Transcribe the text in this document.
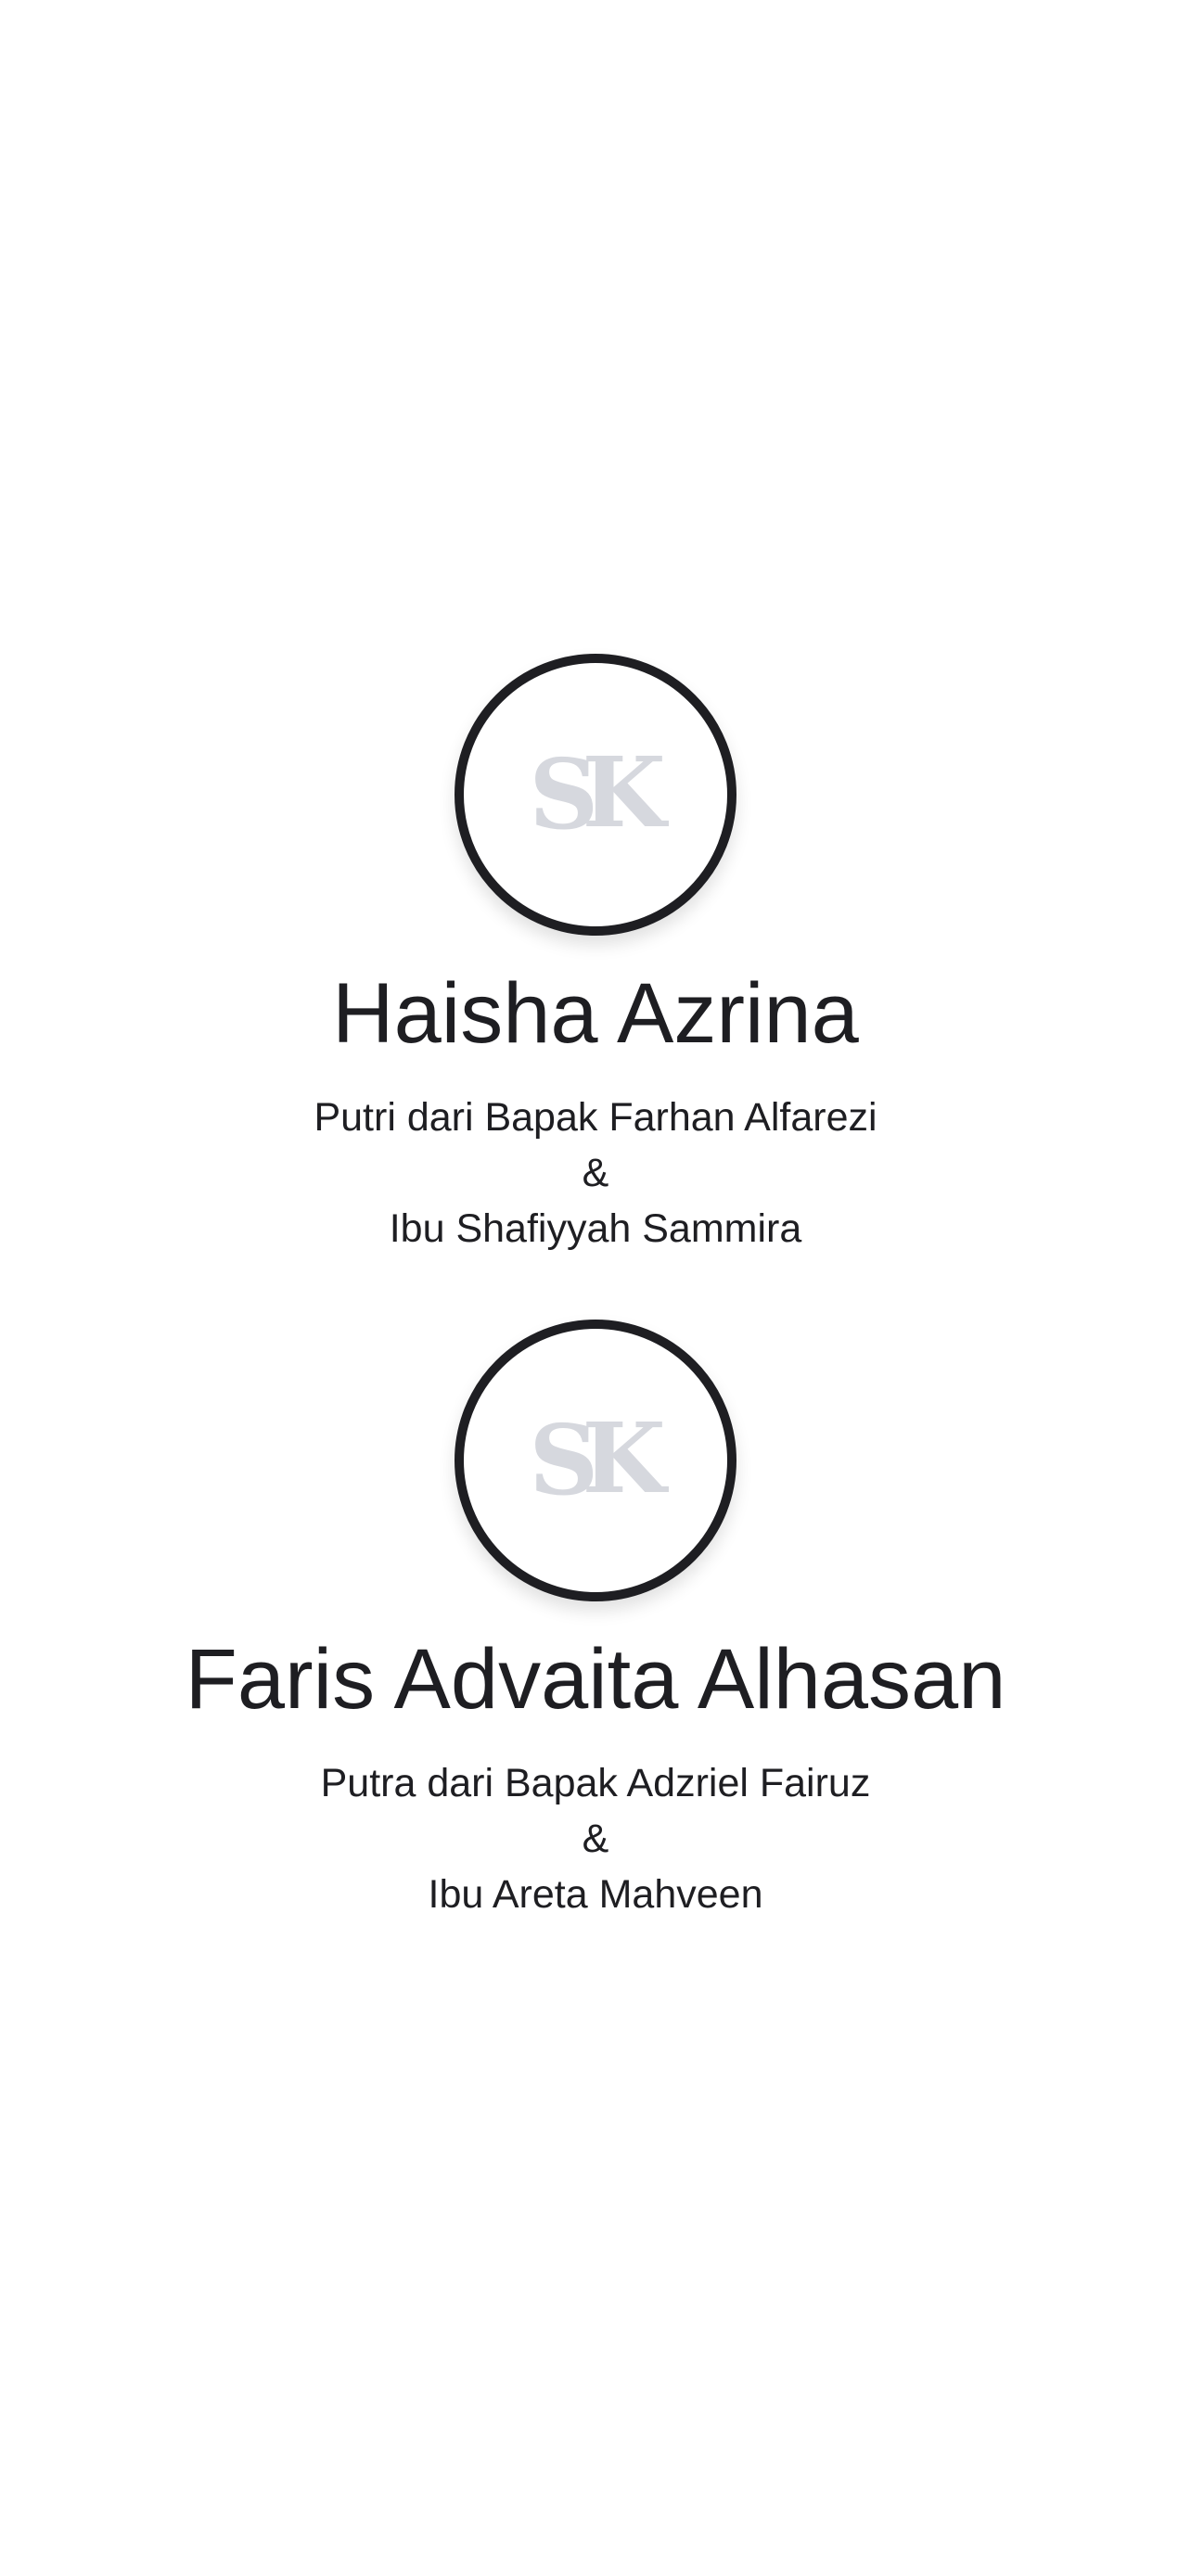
SK
Haisha Azrina
Putri dari Bapak Farhan Alfarezi
&
Ibu Shafiyyah Sammira
SK
Faris Advaita Alhasan
Putra dari Bapak Adzriel Fairuz
&
Ibu Areta Mahveen
